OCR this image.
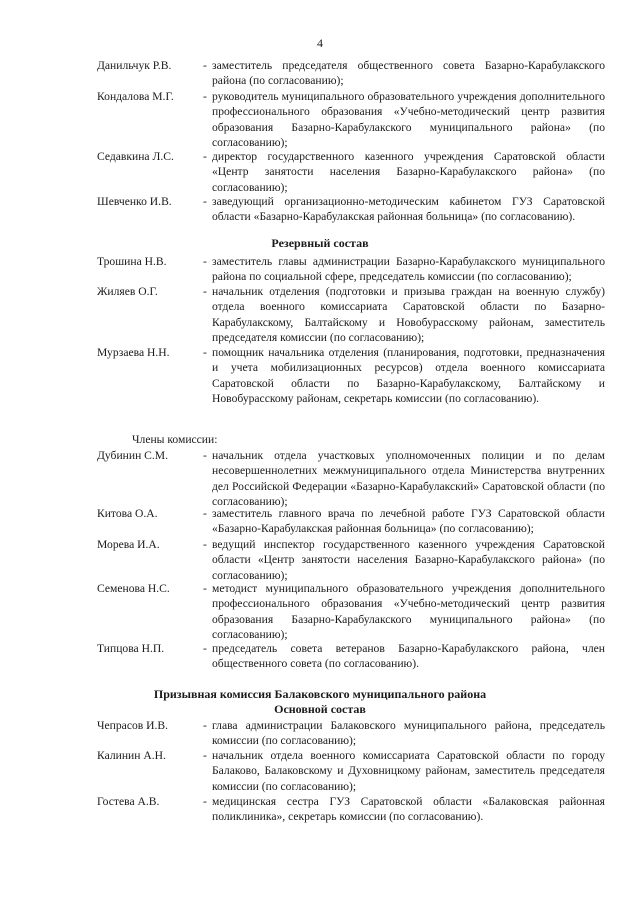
4
Данильчук Р.В.	- заместитель председателя общественного совета Базарно-Карабулакского района (по согласованию);
Кондалова М.Г.	- руководитель муниципального образовательного учреждения дополнительного профессионального образования «Учебно-методический центр развития образования Базарно-Карабулакского муниципального района» (по согласованию);
Седавкина Л.С.	- директор государственного казенного учреждения Саратовской области «Центр занятости населения Базарно-Карабулакского района» (по согласованию);
Шевченко И.В.	- заведующий организационно-методическим кабинетом ГУЗ Саратовской области «Базарно-Карабулакская районная больница» (по согласованию).
Резервный состав
Трошина Н.В.	- заместитель главы администрации Базарно-Карабулакского муниципального района по социальной сфере, председатель комиссии (по согласованию);
Жиляев О.Г.	- начальник отделения (подготовки и призыва граждан на военную службу) отдела военного комиссариата Саратовской области по Базарно-Карабулакскому, Балтайскому и Новобурасскому районам, заместитель председателя комиссии (по согласованию);
Мурзаева Н.Н.	- помощник начальника отделения (планирования, подготовки, предназначения и учета мобилизационных ресурсов) отдела военного комиссариата Саратовской области по Базарно-Карабулакскому, Балтайскому и Новобурасскому районам, секретарь комиссии (по согласованию).
Члены комиссии:
Дубинин С.М.	- начальник отдела участковых уполномоченных полиции и по делам несовершеннолетних межмуниципального отдела Министерства внутренних дел Российской Федерации «Базарно-Карабулакский» Саратовской области (по согласованию);
Китова О.А.	- заместитель главного врача по лечебной работе ГУЗ Саратовской области «Базарно-Карабулакская районная больница» (по согласованию);
Морева И.А.	- ведущий инспектор государственного казенного учреждения Саратовской области «Центр занятости населения Базарно-Карабулакского района» (по согласованию);
Семенова Н.С.	- методист муниципального образовательного учреждения дополнительного профессионального образования «Учебно-методический центр развития образования Базарно-Карабулакского муниципального района» (по согласованию);
Типцова Н.П.	- председатель совета ветеранов Базарно-Карабулакского района, член общественного совета (по согласованию).
Призывная комиссия Балаковского муниципального района
Основной состав
Чепрасов И.В.	- глава администрации Балаковского муниципального района, председатель комиссии (по согласованию);
Калинин А.Н.	- начальник отдела военного комиссариата Саратовской области по городу Балаково, Балаковскому и Духовницкому районам, заместитель председателя комиссии (по согласованию);
Гостева А.В.	- медицинская сестра ГУЗ Саратовской области «Балаковская районная поликлиника», секретарь комиссии (по согласованию).
